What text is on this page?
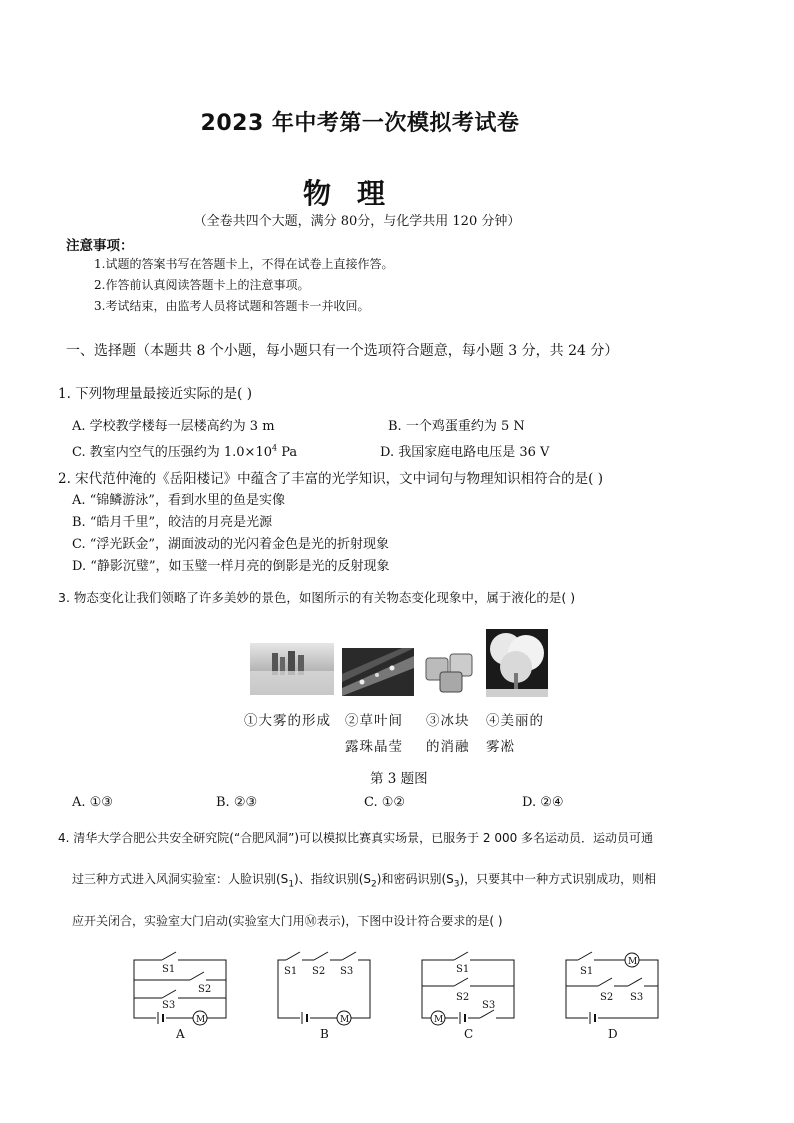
2023 年中考第一次模拟考试卷
物理
（全卷共四个大题，满分 80分，与化学共用 120 分钟）
注意事项：
1.试题的答案书写在答题卡上，不得在试卷上直接作答。
2.作答前认真阅读答题卡上的注意事项。
3.考试结束，由监考人员将试题和答题卡一并收回。
一、选择题（本题共 8 个小题，每小题只有一个选项符合题意，每小题 3 分，共 24 分）
1. 下列物理量最接近实际的是( )
A. 学校教学楼每一层楼高约为 3 m	B. 一个鸡蛋重约为 5 N
C. 教室内空气的压强约为 $1.0\times 10^4$ Pa	D. 我国家庭电路电压是 36 V
2. 宋代范仲淹的《岳阳楼记》中蕴含了丰富的光学知识，文中词句与物理知识相符合的是( )
A. “锦鳞游泳”，看到水里的鱼是实像
B. “皓月千里”，皎洁的月亮是光源
C. “浮光跃金”，湖面波动的光闪着金色是光的折射现象
D. “静影沉璧”，如玉璧一样月亮的倒影是光的反射现象
3. 物态变化让我们领略了许多美妙的景色，如图所示的有关物态变化现象中，属于液化的是( )
①大雾的形成 ②草叶间
露珠晶莹
③冰块
的消融
④美丽的
雾凇
第 3 题图
A. ①③	B. ②③	C. ①②	D. ②④
4. 清华大学合肥公共安全研究院(“合肥风洞”)可以模拟比赛真实场景，已服务于 2 000 多名运动员．运动员可通
过三种方式进入风洞实验室：人脸识别$(S_1)$、指纹识别$(S_2)$和密码识别$(S_3)$，只要其中一种方式识别成功，则相
应开关闭合，实验室大门启动(实验室大门用Ⓜ表示)，下图中设计符合要求的是( )
M
S1
S2
S3
A
M
S1 S2 S3
B
M
S1
S2
S3
C
M
S1
S2 S3
D
